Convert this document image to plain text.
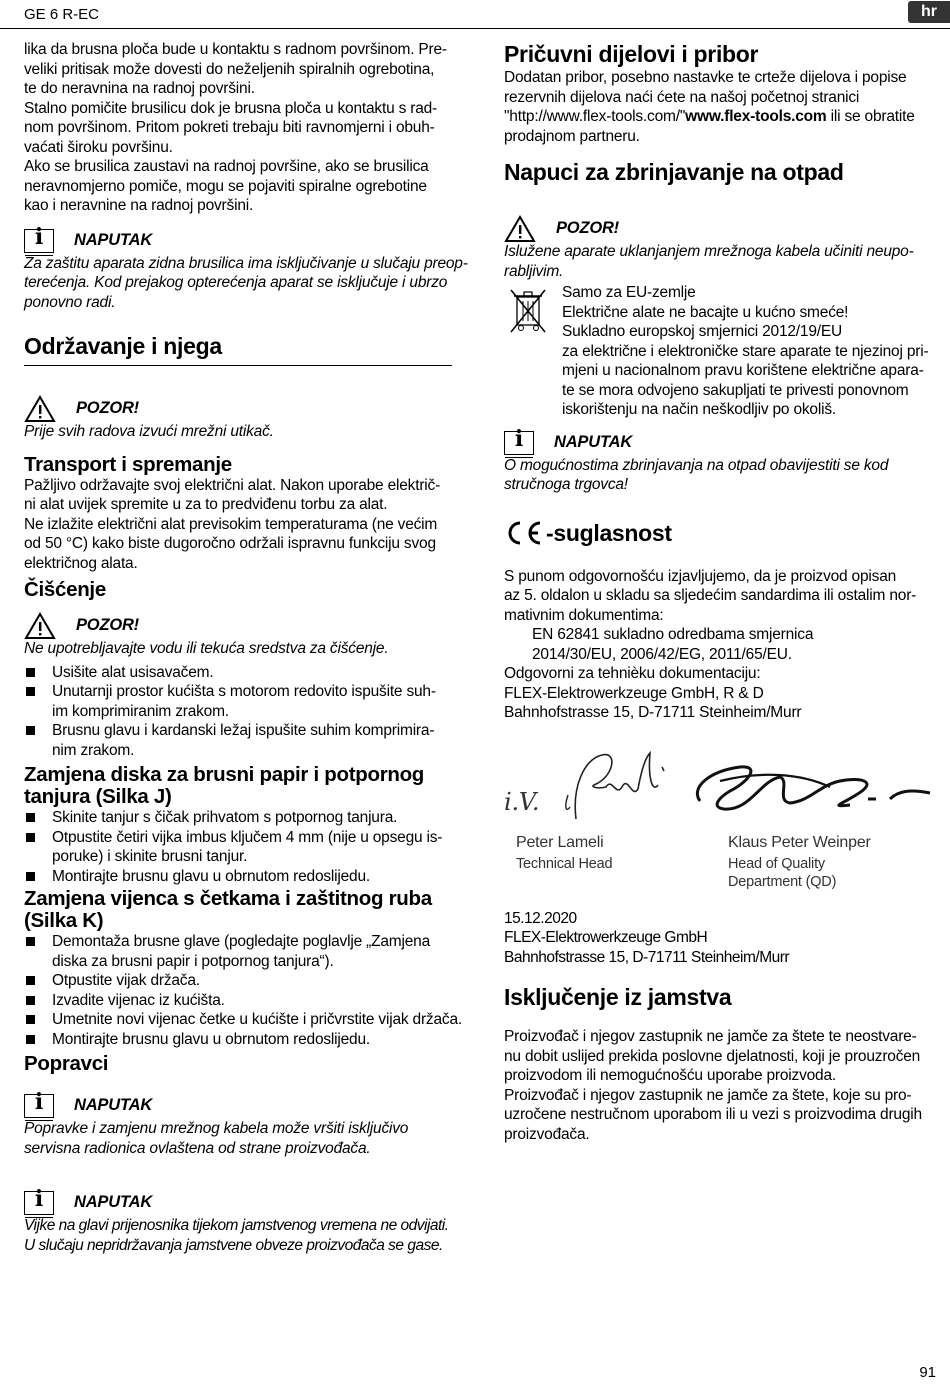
GE 6 R-EC	hr
lika da brusna ploča bude u kontaktu s radnom površinom. Pre-
veliki pritisak može dovesti do neželjenih spiralnih ogrebotina,
te do neravnina na radnoj površini.
Stalno pomičite brusilicu dok je brusna ploča u kontaktu s rad-
nom površinom. Pritom pokreti trebaju biti ravnomjerni i obuh-
vaćati široku površinu.
Ako se brusilica zaustavi na radnoj površine, ako se brusilica
neravnomjerno pomiče, mogu se pojaviti spiralne ogrebotine
kao i neravnine na radnoj površini.
i	NAPUTAK
Za zaštitu aparata zidna brusilica ima isključivanje u slučaju preop-
terećenja. Kod prejakog opterećenja aparat se isključuje i ubrzo
ponovno radi.
Održavanje i njega
POZOR!

Prije svih radova izvući mrežni utikač.

Transport i spremanje
Pažljivo održavajte svoj električni alat. Nakon uporabe električ-
ni alat uvijek spremite u za to predviđenu torbu za alat.
Ne izlažite električni alat previsokim temperaturama (ne većim
od 50 °C) kako biste dugoročno održali ispravnu funkciju svog
električnog alata.
Čišćenje
POZOR!

Ne upotrebljavajte vodu ili tekuća sredstva za čišćenje.

Usišite alat usisavačem.
Unutarnji prostor kućišta s motorom redovito ispušite suh-
im komprimiranim zrakom.
Brusnu glavu i kardanski ležaj ispušite suhim komprimira-
nim zrakom.
Zamjena diska za brusni papir i potpornog
tanjura (Silka J)
Skinite tanjur s čičak prihvatom s potpornog tanjura.
Otpustite četiri vijka imbus ključem 4 mm (nije u opsegu is-
poruke) i skinite brusni tanjur.
Montirajte brusnu glavu u obrnutom redoslijedu.
Zamjena vijenca s četkama i zaštitnog ruba
(Silka K)
Demontaža brusne glave (pogledajte poglavlje „Zamjena
diska za brusni papir i potpornog tanjura“).
Otpustite vijak držača.
Izvadite vijenac iz kućišta.
Umetnite novi vijenac četke u kućište i pričvrstite vijak držača.
Montirajte brusnu glavu u obrnutom redoslijedu.
Popravci
i	NAPUTAK
Popravke i zamjenu mrežnog kabela može vršiti isključivo
servisna radionica ovlaštena od strane proizvođača.
i	NAPUTAK
Vijke na glavi prijenosnika tijekom jamstvenog vremena ne odvijati.
U slučaju nepridržavanja jamstvene obveze proizvođača se gase.
Pričuvni dijelovi i pribor
Dodatan pribor, posebno nastavke te crteže dijelova i popise
rezervnih dijelova naći ćete na našoj početnoj stranici
"http://www.flex-tools.com/"www.flex-tools.com ili se obratite
prodajnom partneru.
Napuci za zbrinjavanje na otpad
POZOR!
Islužene aparate uklanjanjem mrežnoga kabela učiniti neupo-
rabljivim.
Samo za EU-zemlje
Električne alate ne bacajte u kućno smeće!
Sukladno europskoj smjernici 2012/19/EU
za električne i elektroničke stare aparate te njezinoj pri-
mjeni u nacionalnom pravu korištene električne apara-
te se mora odvojeno sakupljati te privesti ponovnom
iskorištenju na način neškodljiv po okoliš.
i	NAPUTAK
O mogućnostima zbrinjavanja na otpad obavijestiti se kod
stručnoga trgovca!
-suglasnost
S punom odgovornošću izjavljujemo, da je proizvod opisan
az 5. oldalon u skladu sa sljedećim sandardima ili ostalim nor-
mativnim dokumentima:
EN 62841 sukladno odredbama smjernica
2014/30/EU, 2006/42/EG, 2011/65/EU.
Odgovorni za tehnièku dokumentaciju:
FLEX-Elektrowerkzeuge GmbH, R & D
Bahnhofstrasse 15, D-71711 Steinheim/Murr
i.V.
Peter Lameli
Technical Head
Klaus Peter Weinper
Head of Quality
Department (QD)
15.12.2020
FLEX-Elektrowerkzeuge GmbH
Bahnhofstrasse 15, D-71711 Steinheim/Murr
Isključenje iz jamstva
Proizvođač i njegov zastupnik ne jamče za štete te neostvare-
nu dobit uslijed prekida poslovne djelatnosti, koji je prouzročen
proizvodom ili nemogućnošću uporabe proizvoda.
Proizvođač i njegov zastupnik ne jamče za štete, koje su pro-
uzročene nestručnom uporabom ili u vezi s proizvodima drugih
proizvođača.
91
